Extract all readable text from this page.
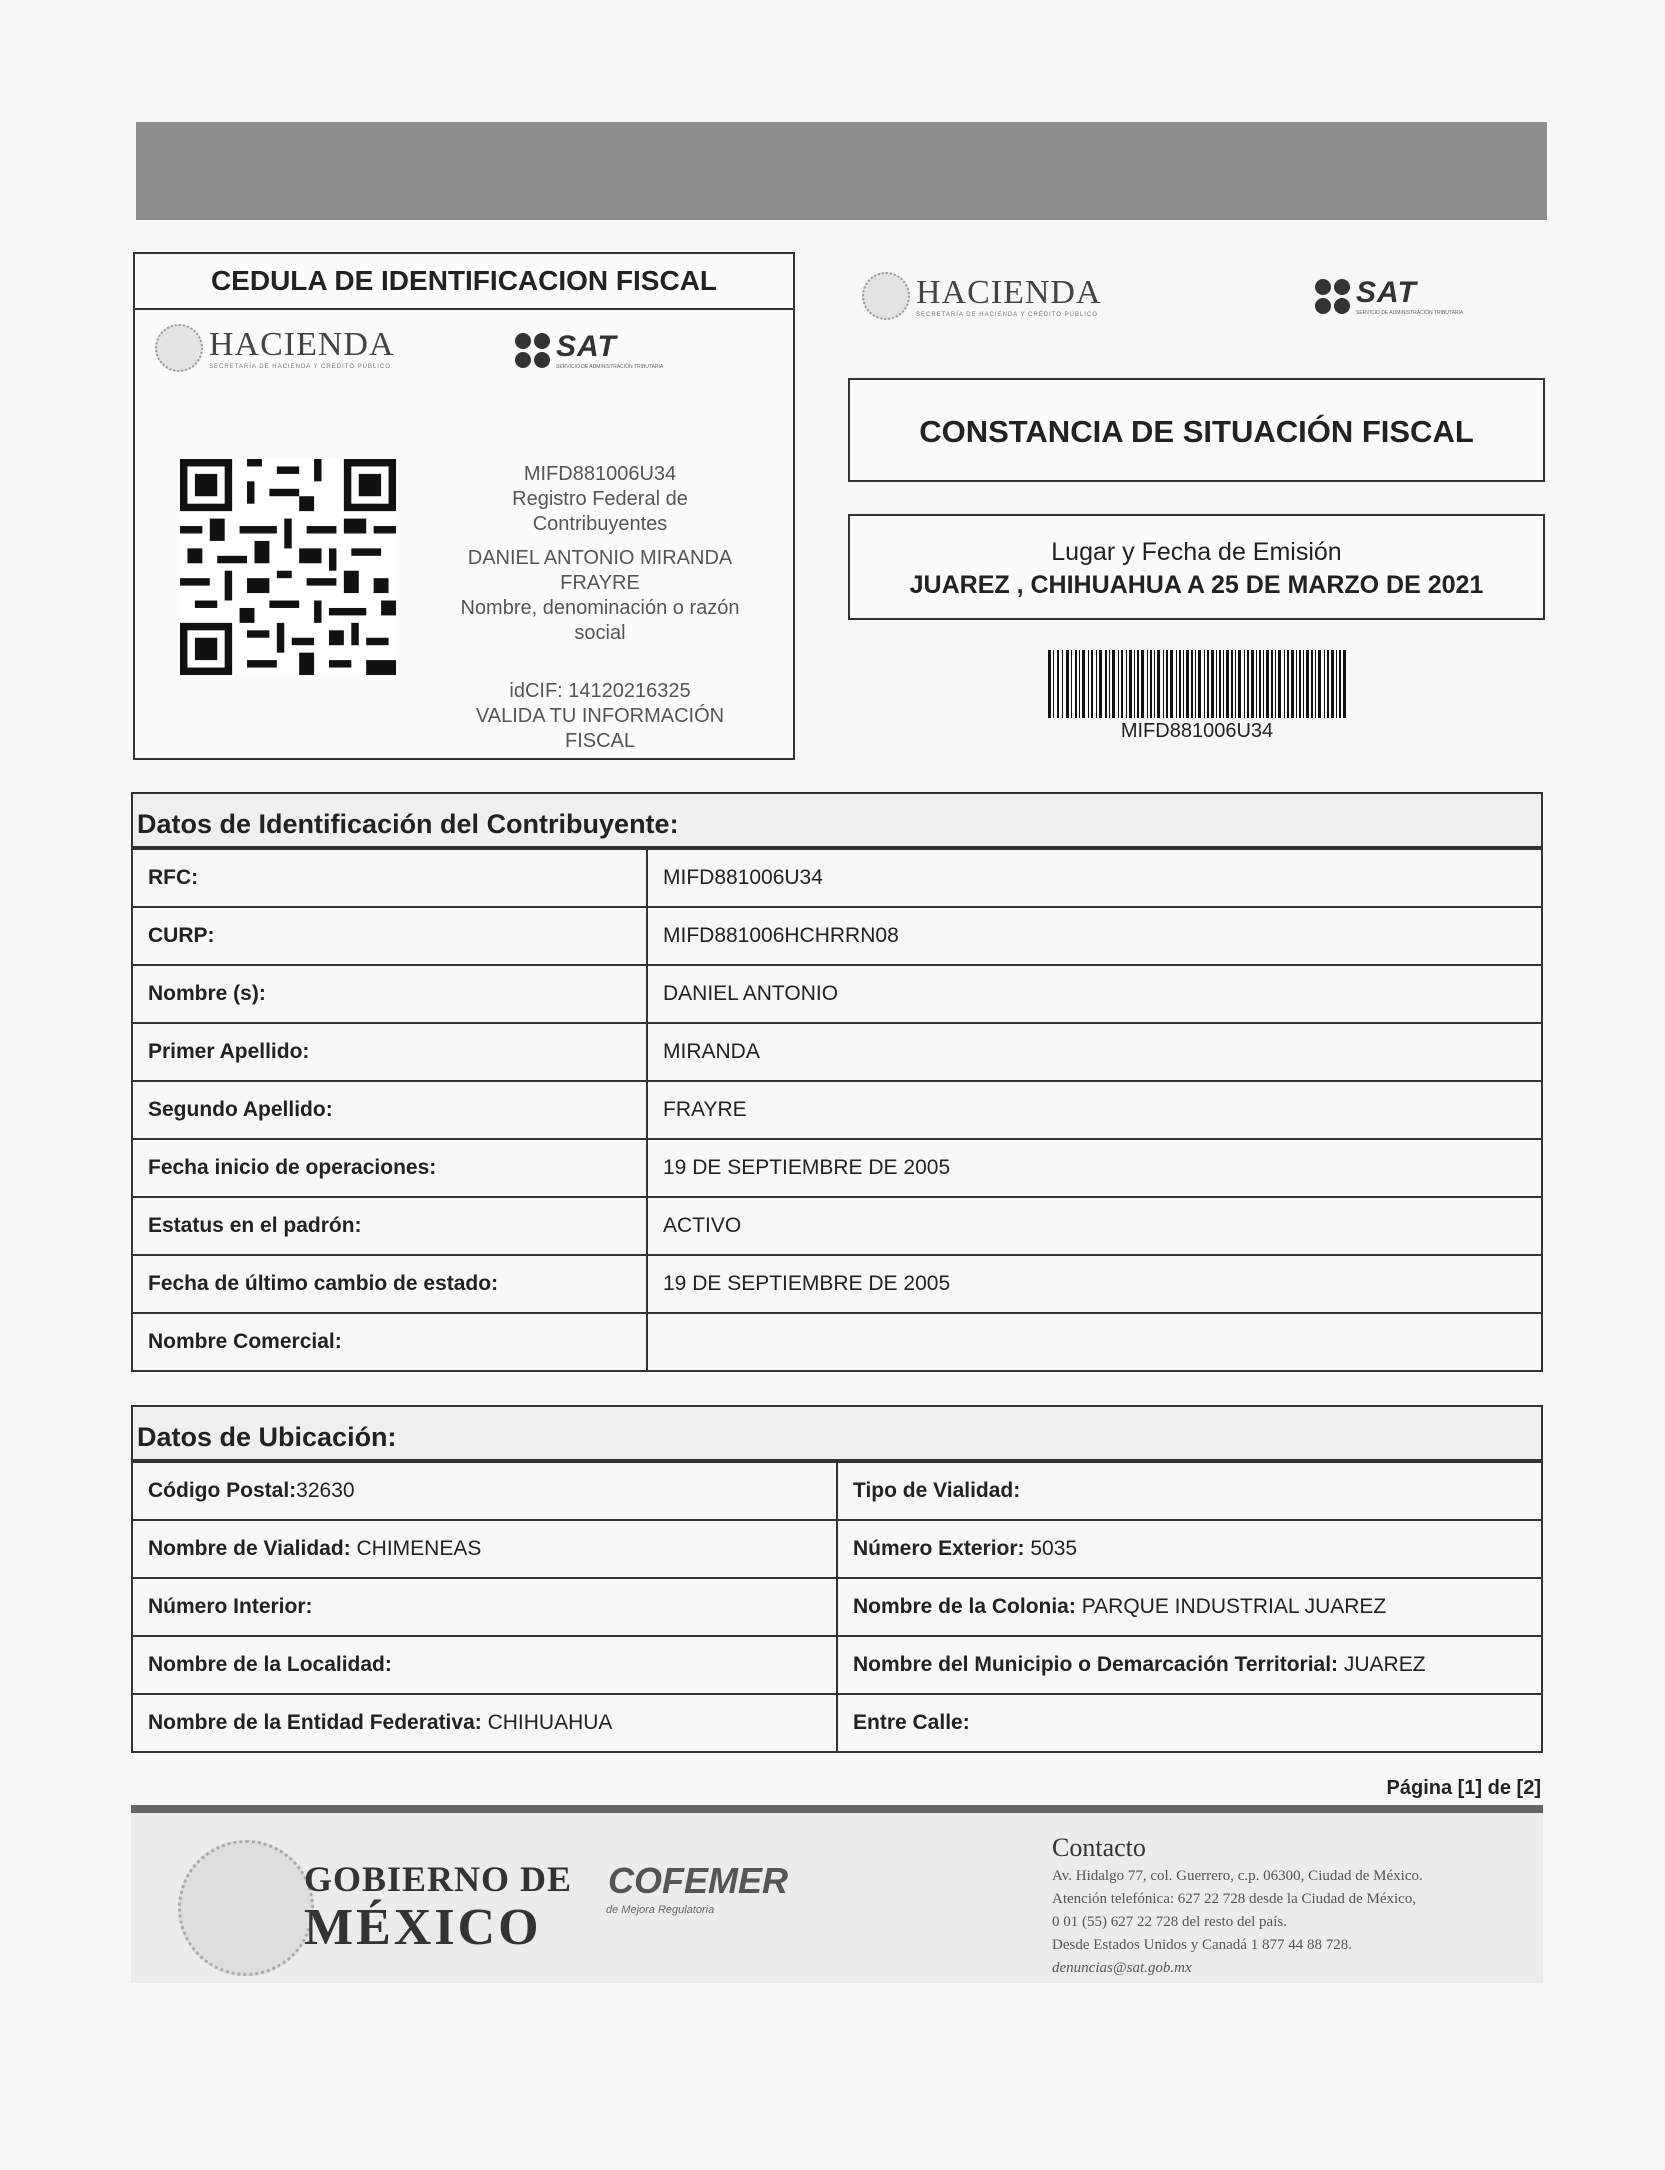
CEDULA DE IDENTIFICACION FISCAL
HACIENDA
SECRETARÍA DE HACIENDA Y CRÉDITO PÚBLICO
SAT
SERVICIO DE ADMINISTRACIÓN TRIBUTARIA
MIFD881006U34
Registro Federal de Contribuyentes
DANIEL ANTONIO MIRANDA
FRAYRE
Nombre, denominación o razón
social
idCIF: 14120216325
VALIDA TU INFORMACIÓN
FISCAL
HACIENDA
SECRETARÍA DE HACIENDA Y CRÉDITO PÚBLICO
SAT
SERVICIO DE ADMINISTRACIÓN TRIBUTARIA
CONSTANCIA DE SITUACIÓN FISCAL
Lugar y Fecha de Emisión
JUAREZ , CHIHUAHUA A 25 DE MARZO DE 2021
MIFD881006U34
Datos de Identificación del Contribuyente:
RFC:	MIFD881006U34
CURP:	MIFD881006HCHRRN08
Nombre (s):	DANIEL ANTONIO
Primer Apellido:	MIRANDA
Segundo Apellido:	FRAYRE
Fecha inicio de operaciones:	19 DE SEPTIEMBRE DE 2005
Estatus en el padrón:	ACTIVO
Fecha de último cambio de estado:	19 DE SEPTIEMBRE DE 2005
Nombre Comercial:	
Datos de Ubicación:
Código Postal:32630	Tipo de Vialidad:
Nombre de Vialidad: CHIMENEAS	Número Exterior: 5035
Número Interior:	Nombre de la Colonia: PARQUE INDUSTRIAL JUAREZ
Nombre de la Localidad:	Nombre del Municipio o Demarcación Territorial: JUAREZ
Nombre de la Entidad Federativa: CHIHUAHUA	Entre Calle:
Página [1] de [2]
GOBIERNO DE
MÉXICO
COFEMER
de Mejora Regulatoria
Contacto
Av. Hidalgo 77, col. Guerrero, c.p. 06300, Ciudad de México.
Atención telefónica: 627 22 728 desde la Ciudad de México,
0 01 (55) 627 22 728 del resto del país.
Desde Estados Unidos y Canadá 1 877 44 88 728.
denuncias@sat.gob.mx
